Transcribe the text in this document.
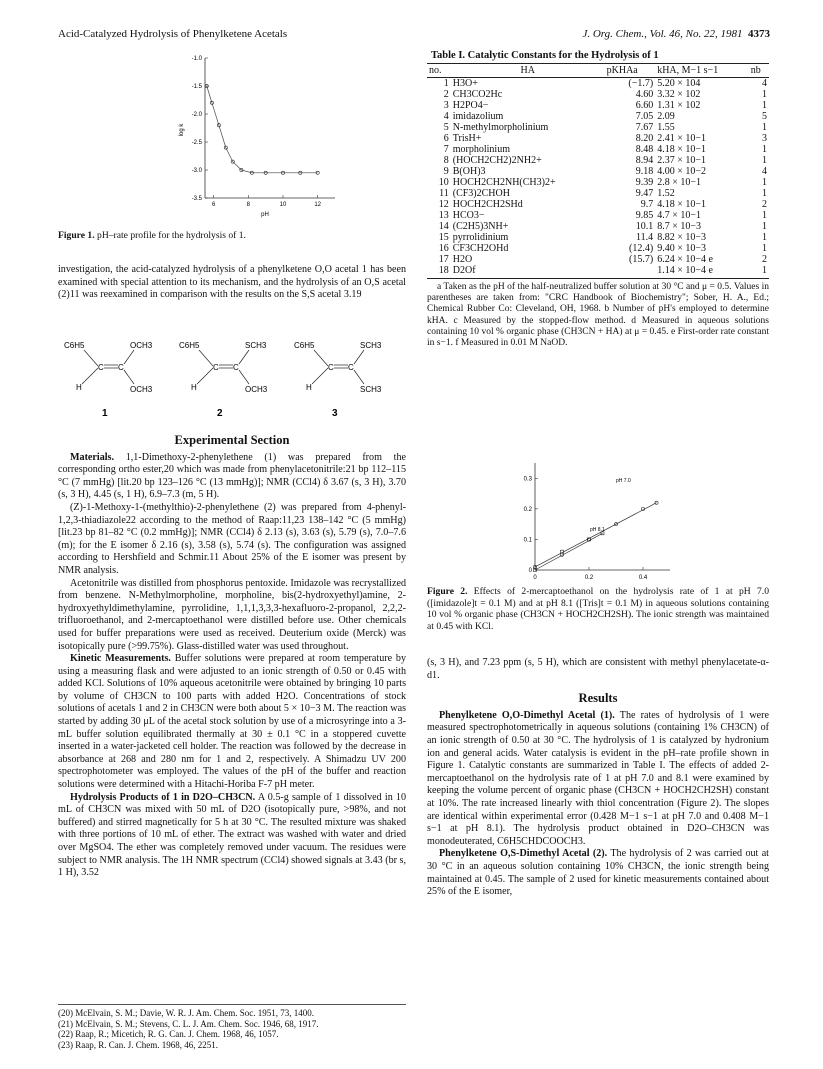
Acid-Catalyzed Hydrolysis of Phenylketene Acetals	J. Org. Chem., Vol. 46, No. 22, 1981 4373
log k
pH
-1.0
-1.5
-2.0
-2.5
-3.0
-3.5
6	8	10	12
Figure 1. pH–rate profile for the hydrolysis of 1.

investigation, the acid-catalyzed hydrolysis of a phenylketene O,O acetal 1 has been examined with special attention to its mechanism, and the hydrolysis of an O,S acetal (2)11 was reexamined in comparison with the results on the S,S acetal 3.19

C6H5	OCH3
H	OCH3
C C
1
C6H5	SCH3
H	OCH3
C C
2
C6H5	SCH3
H	SCH3
C C
3
Experimental Section

Materials. 1,1-Dimethoxy-2-phenylethene (1) was prepared from the corresponding ortho ester,20 which was made from phenylacetonitrile:21 bp 112–115 °C (7 mmHg) [lit.20 bp 123–126 °C (13 mmHg)]; NMR (CCl4) δ 3.67 (s, 3 H), 3.70 (s, 3 H), 4.45 (s, 1 H), 6.9–7.3 (m, 5 H).

(Z)-1-Methoxy-1-(methylthio)-2-phenylethene (2) was prepared from 4-phenyl-1,2,3-thiadiazole22 according to the method of Raap:11,23 138–142 °C (5 mmHg) [lit.23 bp 81–82 °C (0.2 mmHg)]; NMR (CCl4) δ 2.13 (s), 3.63 (s), 5.79 (s), 7.0–7.6 (m); for the E isomer δ 2.16 (s), 3.58 (s), 5.74 (s). The configuration was assigned according to Hershfield and Schmir.11 About 25% of the E isomer was present by NMR analysis.

Acetonitrile was distilled from phosphorus pentoxide. Imidazole was recrystallized from benzene. N-Methylmorpholine, morpholine, bis(2-hydroxyethyl)amine, 2-hydroxyethyldimethylamine, pyrrolidine, 1,1,1,3,3,3-hexafluoro-2-propanol, 2,2,2-trifluoroethanol, and 2-mercaptoethanol were distilled before use. Other chemicals used for buffer preparations were used as received. Deuterium oxide (Merck) was isotopically pure (>99.75%). Glass-distilled water was used throughout.

Kinetic Measurements. Buffer solutions were prepared at room temperature by using a measuring flask and were adjusted to an ionic strength of 0.50 or 0.45 with added KCl. Solutions of 10% aqueous acetonitrile were obtained by bringing 10 parts by volume of CH3CN to 100 parts with added H2O. Concentrations of stock solutions of acetals 1 and 2 in CH3CN were both about 5 × 10−3 M. The reaction was started by adding 30 μL of the acetal stock solution by use of a microsyringe into a 3-mL buffer solution equilibrated thermally at 30 ± 0.1 °C in a stoppered cuvette inserted in a water-jacketed cell holder. The reaction was followed by the decrease in absorbance at 268 and 280 nm for 1 and 2, respectively. A Shimadzu UV 200 spectrophotometer was employed. The values of the pH of the buffer and reaction solutions were determined with a Hitachi-Horiba F-7 pH meter.

Hydrolysis Products of 1 in D2O–CH3CN. A 0.5-g sample of 1 dissolved in 10 mL of CH3CN was mixed with 50 mL of D2O (isotopically pure, >98%, and not buffered) and stirred magnetically for 5 h at 30 °C. The resulted mixture was shaked with three portions of 10 mL of ether. The extract was washed with water and dried over MgSO4. The ether was completely removed under vacuum. The residues were subject to NMR analysis. The 1H NMR spectrum (CCl4) showed signals at 3.43 (br s, 1 H), 3.52

(20) McElvain, S. M.; Davie, W. R. J. Am. Chem. Soc. 1951, 73, 1400.
(21) McElvain, S. M.; Stevens, C. L. J. Am. Chem. Soc. 1946, 68, 1917.
(22) Raap, R.; Micetich, R. G. Can. J. Chem. 1968, 46, 1057.
(23) Raap, R. Can. J. Chem. 1968, 46, 2251.
Table I. Catalytic Constants for the Hydrolysis of 1
no.	HA	pKHAa	kHA, M−1 s−1	nb
1	H3O+	(−1.7)	5.20 × 104	4
2	CH3CO2Hc	4.60	3.32 × 102	1
3	H2PO4−	6.60	1.31 × 102	1
4	imidazolium	7.05	2.09	5
5	N-methylmorpholinium	7.67	1.55	1
6	TrisH+	8.20	2.41 × 10−1	3
7	morpholinium	8.48	4.18 × 10−1	1
8	(HOCH2CH2)2NH2+	8.94	2.37 × 10−1	1
9	B(OH)3	9.18	4.00 × 10−2	4
10	HOCH2CH2NH(CH3)2+	9.39	2.8 × 10−1	1
11	(CF3)2CHOH	9.47	1.52	1
12	HOCH2CH2SHd	9.7	4.18 × 10−1	2
13	HCO3−	9.85	4.7 × 10−1	1
14	(C2H5)3NH+	10.1	8.7 × 10−3	1
15	pyrrolidinium	11.4	8.82 × 10−3	1
16	CF3CH2OHd	(12.4)	9.40 × 10−3	1
17	H2O	(15.7)	6.24 × 10−4 e	2
18	D2Of		1.14 × 10−4 e	1

a Taken as the pH of the half-neutralized buffer solution at 30 °C and μ = 0.5. Values in parentheses are taken from: "CRC Handbook of Biochemistry"; Sober, H. A., Ed.; Chemical Rubber Co: Cleveland, OH, 1968. b Number of pH's employed to determine kHA. c Measured by the stopped-flow method. d Measured in aqueous solutions containing 10 vol % organic phase (CH3CN + HA) at μ = 0.45. e First-order rate constant in s−1. f Measured in 0.01 M NaOD.

0
0.1
0.2
0.3
0	0.2	0.4
pH 7.0
pH 8.1
Figure 2. Effects of 2-mercaptoethanol on the hydrolysis rate of 1 at pH 7.0 ([imidazole]t = 0.1 M) and at pH 8.1 ([Tris]t = 0.1 M) in aqueous solutions containing 10 vol % organic phase (CH3CN + HOCH2CH2SH). The ionic strength was maintained at 0.45 with KCl.

(s, 3 H), and 7.23 ppm (s, 5 H), which are consistent with methyl phenylacetate-α-d1.

Results

Phenylketene O,O-Dimethyl Acetal (1). The rates of hydrolysis of 1 were measured spectrophotometrically in aqueous solutions (containing 1% CH3CN) of an ionic strength of 0.50 at 30 °C. The hydrolysis of 1 is catalyzed by hydronium ion and general acids. Water catalysis is evident in the pH–rate profile shown in Figure 1. Catalytic constants are summarized in Table I. The effects of added 2-mercaptoethanol on the hydrolysis rate of 1 at pH 7.0 and 8.1 were examined by keeping the volume percent of organic phase (CH3CN + HOCH2CH2SH) constant at 10%. The rate increased linearly with thiol concentration (Figure 2). The slopes are identical within experimental error (0.428 M−1 s−1 at pH 7.0 and 0.408 M−1 s−1 at pH 8.1). The hydrolysis product obtained in D2O–CH3CN was monodeuterated, C6H5CHDCOOCH3.

Phenylketene O,S-Dimethyl Acetal (2). The hydrolysis of 2 was carried out at 30 °C in an aqueous solution containing 10% CH3CN, the ionic strength being maintained at 0.45. The sample of 2 used for kinetic measurements contained about 25% of the E isomer,
